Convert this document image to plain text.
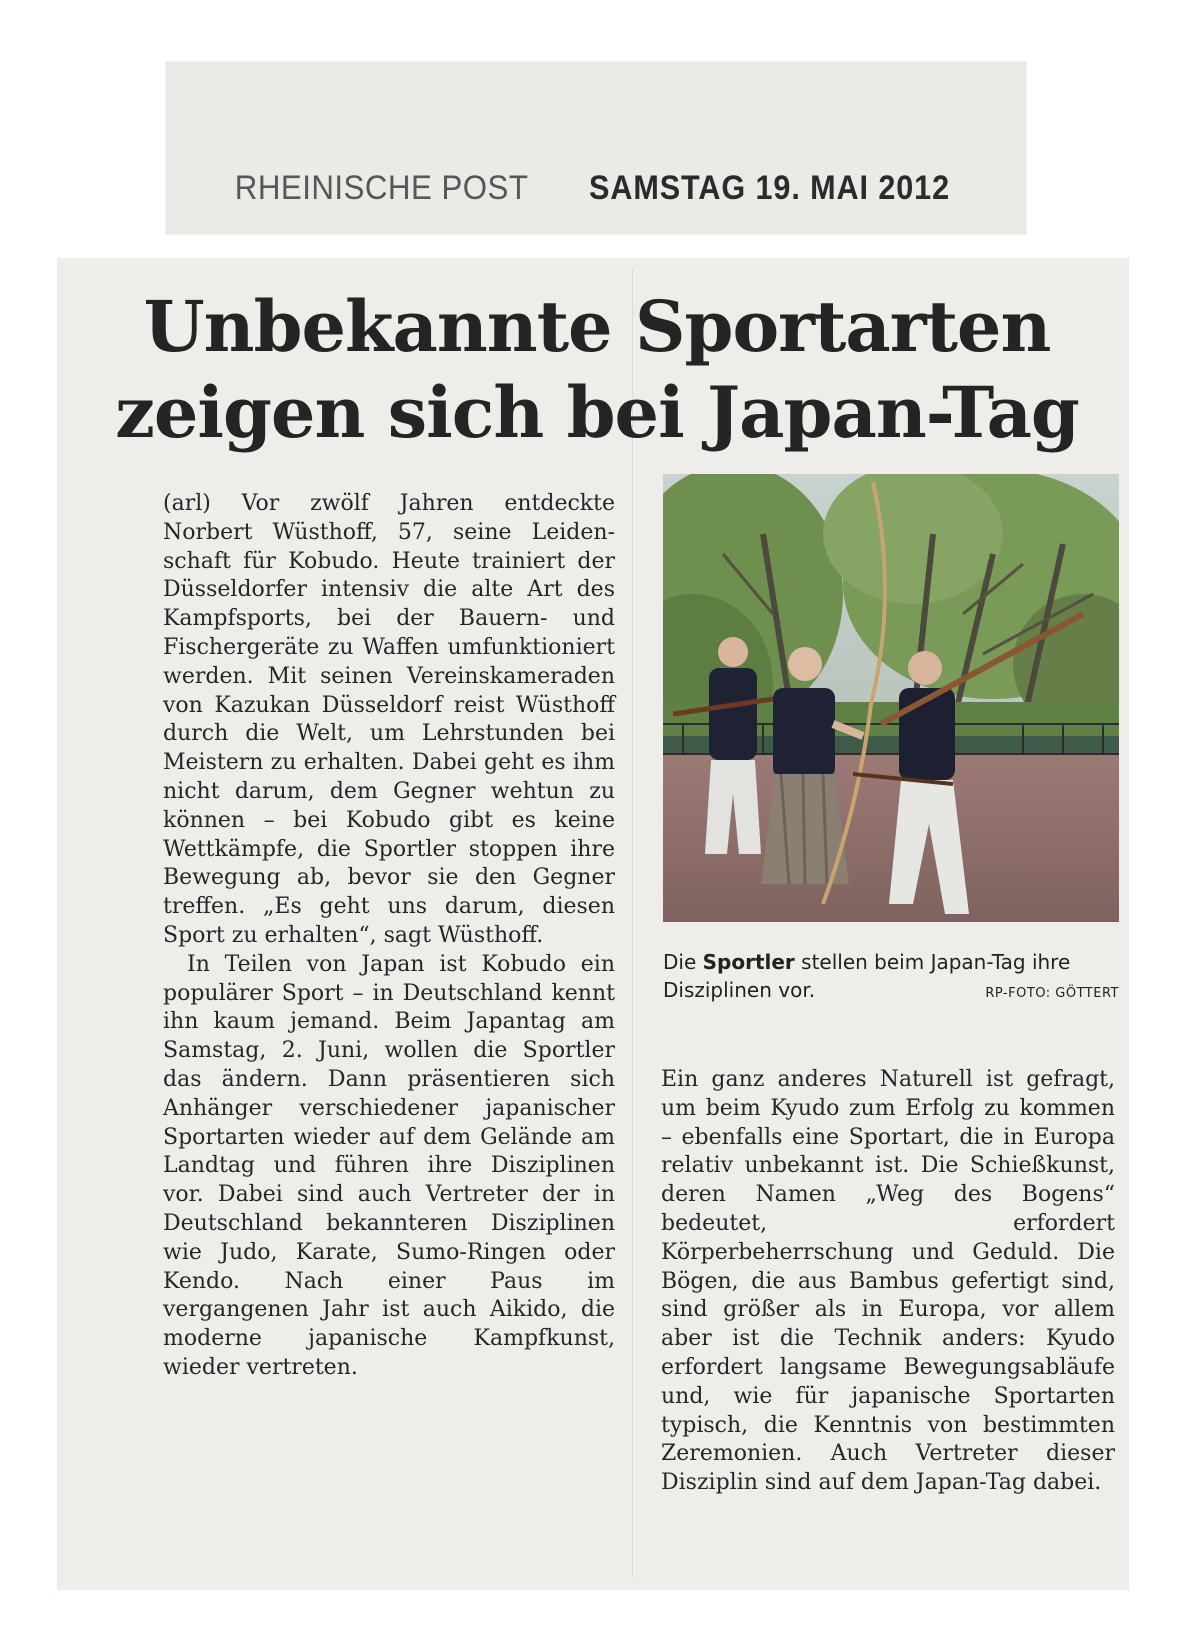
RHEINISCHE POST SAMSTAG 19. MAI 2012
Unbekannte Sportarten
zeigen sich bei Japan-Tag

(arl) Vor zwölf Jahren entdeckte Norbert Wüsthoff, 57, seine Leidenschaft für Kobudo. Heute trainiert der Düsseldorfer intensiv die alte Art des Kampfsports, bei der Bauern- und Fischergeräte zu Waffen umfunktioniert werden. Mit seinen Vereinskameraden von Kazukan Düsseldorf reist Wüsthoff durch die Welt, um Lehrstunden bei Meistern zu erhalten. Dabei geht es ihm nicht darum, dem Gegner wehtun zu können – bei Kobudo gibt es keine Wettkämpfe, die Sportler stoppen ihre Bewegung ab, bevor sie den Gegner treffen. „Es geht uns darum, diesen Sport zu erhalten“, sagt Wüsthoff.

In Teilen von Japan ist Kobudo ein populärer Sport – in Deutschland kennt ihn kaum jemand. Beim Japantag am Samstag, 2. Juni, wollen die Sportler das ändern. Dann präsentieren sich Anhänger verschiedener japanischer Sportarten wieder auf dem Gelände am Landtag und führen ihre Disziplinen vor. Dabei sind auch Vertreter der in Deutschland bekannteren Disziplinen wie Judo, Karate, Sumo-Ringen oder Kendo. Nach einer Paus im vergangenen Jahr ist auch Aikido, die moderne japanische Kampfkunst, wieder vertreten.

Die Sportler stellen beim Japan-Tag ihre Disziplinen vor.	RP-FOTO: GÖTTERT

Ein ganz anderes Naturell ist gefragt, um beim Kyudo zum Erfolg zu kommen – ebenfalls eine Sportart, die in Europa relativ unbekannt ist. Die Schießkunst, deren Namen „Weg des Bogens“ bedeutet, erfordert Körperbeherrschung und Geduld. Die Bögen, die aus Bambus gefertigt sind, sind größer als in Europa, vor allem aber ist die Technik anders: Kyudo erfordert langsame Bewegungsabläufe und, wie für japanische Sportarten typisch, die Kenntnis von bestimmten Zeremonien. Auch Vertreter dieser Disziplin sind auf dem Japan-Tag dabei.
